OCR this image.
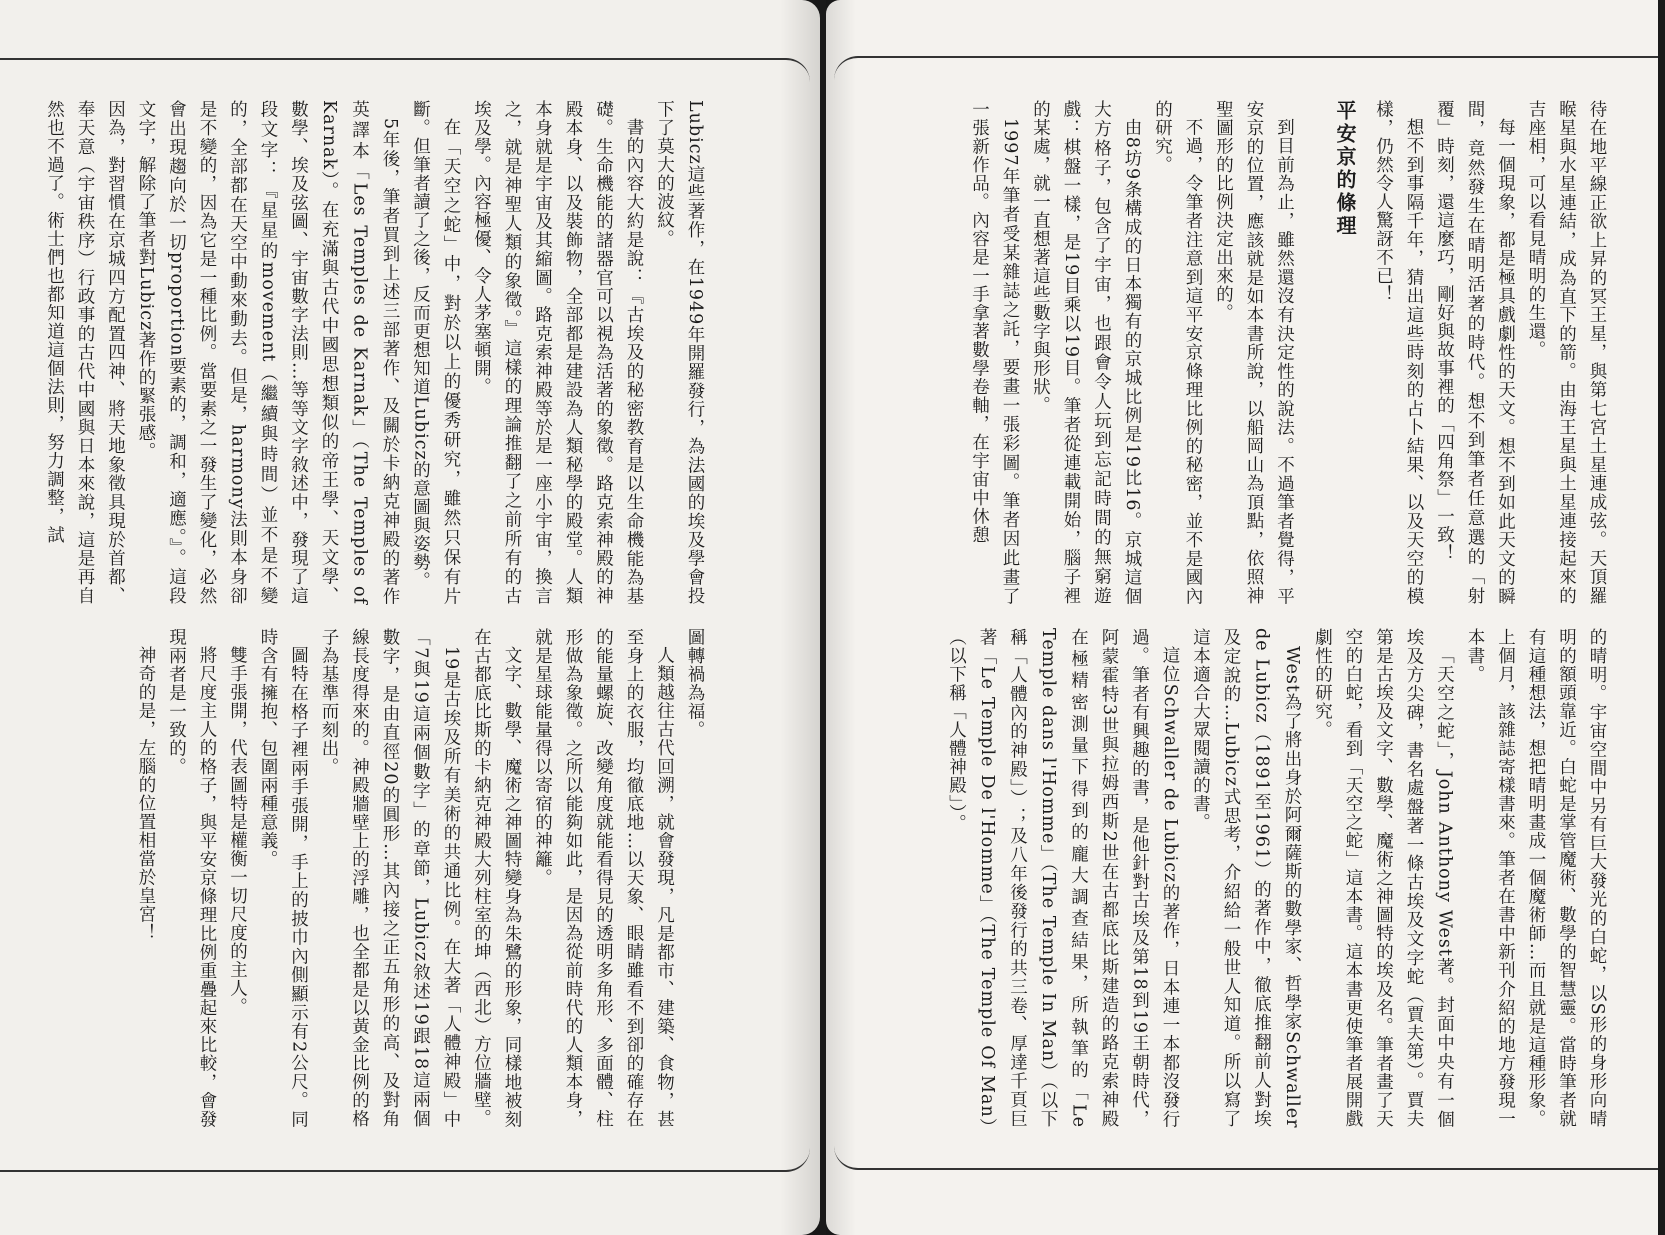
Lubicz這些著作，在1949年開羅發行，為法國的埃及學會投下了莫大的波紋。

書的內容大約是說：『古埃及的秘密教育是以生命機能為基礎。生命機能的諸器官可以視為活著的象徵。路克索神殿的神殿本身、以及裝飾物，全部都是建設為人類秘學的殿堂。人類本身就是宇宙及其縮圖。路克索神殿等於是一座小宇宙，換言之，就是神聖人類的象徵。』這樣的理論推翻了之前所有的古埃及學。內容極優、令人茅塞頓開。

在「天空之蛇」中，對於以上的優秀研究，雖然只保有片斷。但筆者讀了之後，反而更想知道Lubicz的意圖與姿勢。

5年後，筆者買到上述三部著作、及關於卡納克神殿的著作英譯本「Les Temples de Karnak」（The Temples of Karnak）。在充滿與古代中國思想類似的帝王學、天文學、數學、埃及弦圖、宇宙數字法則…等等文字敘述中，發現了這段文字：『星星的movement（繼續與時間）並不是不變的，全部都在天空中動來動去。但是，harmony法則本身卻是不變的，因為它是一種比例。當要素之一發生了變化，必然會出現趨向於一切proportion要素的，調和，適應。』。這段文字，解除了筆者對Lubicz著作的緊張感。

因為，對習慣在京城四方配置四神、將天地象徵具現於首都、奉天意（宇宙秩序）行政事的古代中國與日本來說，這是再自然也不過了。術士們也都知道這個法則，努力調整，試

圖轉禍為福。

人類越往古代回溯，就會發現，凡是都市、建築、食物，甚至身上的衣服，均徹底地…以天象、眼睛雖看不到卻的確存在的能量螺旋、改變角度就能看得見的透明多角形、多面體、柱形做為象徵。之所以能夠如此，是因為從前時代的人類本身，就是星球能量得以寄宿的神籬。

文字、數學、魔術之神圖特變身為朱鷺的形象，同樣地被刻在古都底比斯的卡納克神殿大列柱室的坤（西北）方位牆壁。

19是古埃及所有美術的共通比例。在大著「人體神殿」中「7與19這兩個數字」的章節，Lubicz敘述19跟18這兩個數字，是由直徑20的圓形…其內接之正五角形的高、及對角線長度得來的。神殿牆壁上的浮雕，也全都是以黃金比例的格子為基準而刻出。

圖特在格子裡兩手張開，手上的披巾內側顯示有2公尺。同時含有擁抱、包圍兩種意義。

雙手張開，代表圖特是權衡一切尺度的主人。

將尺度主人的格子，與平安京條理比例重疊起來比較，會發現兩者是一致的。

神奇的是，左腦的位置相當於皇宮！

待在地平線正欲上昇的冥王星，與第七宮土星連成弦。天頂羅睺星與水星連結，成為直下的箭。由海王星與土星連接起來的吉座相，可以看見晴明的生還。

每一個現象，都是極具戲劇性的天文。想不到如此天文的瞬間，竟然發生在晴明活著的時代。想不到筆者任意選的「射覆」時刻，還這麼巧，剛好與故事裡的「四角祭」一致！

想不到事隔千年，猜出這些時刻的占卜結果、以及天空的模樣，仍然令人驚訝不已！

平安京的條理

到目前為止，雖然還沒有決定性的說法。不過筆者覺得，平安京的位置，應該就是如本書所說，以船岡山為頂點，依照神聖圖形的比例決定出來的。

不過，令筆者注意到這平安京條理比例的秘密，並不是國內的研究。

由8坊9条構成的日本獨有的京城比例是19比16。京城這個大方格子，包含了宇宙，也跟會令人玩到忘記時間的無窮遊戲：棋盤一樣，是19目乘以19目。筆者從連載開始，腦子裡的某處，就一直想著這些數字與形狀。

1997年筆者受某雜誌之託，要畫一張彩圖。筆者因此畫了一張新作品。內容是一手拿著數學卷軸，在宇宙中休憩

的晴明。宇宙空間中另有巨大發光的白蛇，以S形的身形向晴明的額頭靠近。白蛇是掌管魔術、數學的智慧靈。當時筆者就有這種想法，想把晴明畫成一個魔術師…而且就是這種形象。上個月，該雜誌寄樣書來。筆者在書中新刊介紹的地方發現一本書。

「天空之蛇」，John Anthony West著。封面中央有一個埃及方尖碑，書名處盤著一條古埃及文字蛇（賈夫第）。賈夫第是古埃及文字、數學、魔術之神圖特的埃及名。筆者畫了天空的白蛇，看到「天空之蛇」這本書。這本書更使筆者展開戲劇性的研究。

West為了將出身於阿爾薩斯的數學家、哲學家Schwaller de Lubicz（1891至1961）的著作中，徹底推翻前人對埃及定說的…Lubicz式思考，介紹給一般世人知道。所以寫了這本適合大眾閱讀的書。

這位Schwaller de Lubicz的著作，日本連一本都沒發行過。筆者有興趣的書，是他針對古埃及第18到19王朝時代，阿蒙霍特3世與拉姆西斯2世在古都底比斯建造的路克索神殿在極精密測量下得到的龐大調查結果，所執筆的「Le Temple dans l'Homme」（The Temple In Man）（以下稱「人體內的神殿」）；及八年後發行的共三卷、厚達千頁巨著「Le Temple De l'Homme」（The Temple Of Man）（以下稱「人體神殿」）。
